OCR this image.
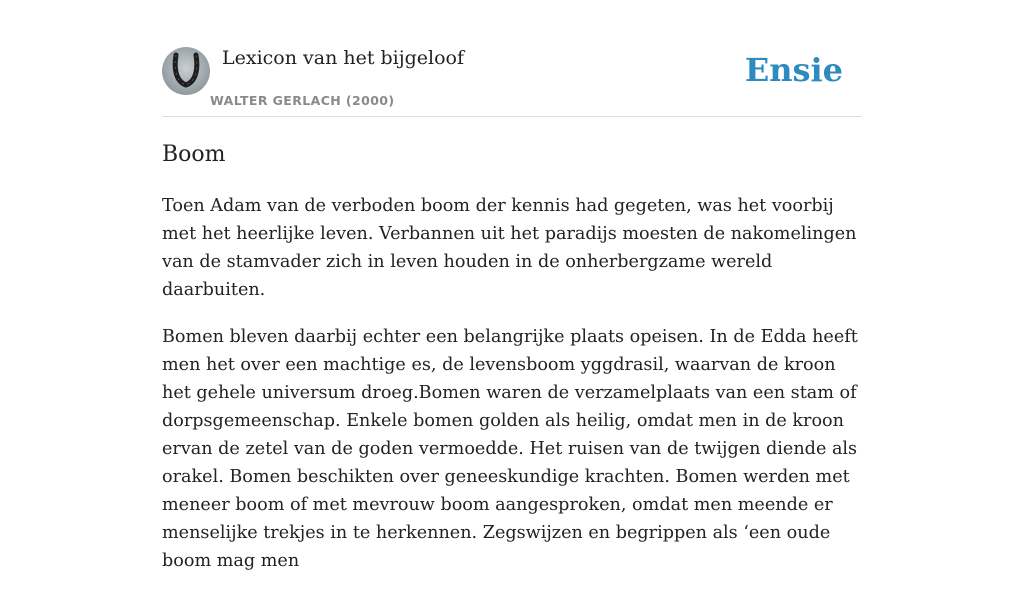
Lexicon van het bijgeloof
WALTER GERLACH (2000)
Ensie
Boom

Toen Adam van de verboden boom der kennis had gegeten, was het voorbij met het heerlijke leven. Verbannen uit het paradijs moesten de nakomelingen van de stamvader zich in leven houden in de onherbergzame wereld daarbuiten.

Bomen bleven daarbij echter een belangrijke plaats opeisen. In de Edda heeft men het over een machtige es, de levensboom yggdrasil, waarvan de kroon het gehele universum droeg.Bomen waren de verzamelplaats van een stam of dorpsgemeenschap. Enkele bomen golden als heilig, omdat men in de kroon ervan de zetel van de goden vermoedde. Het ruisen van de twijgen diende als orakel. Bomen beschikten over geneeskundige krachten. Bomen werden met meneer boom of met mevrouw boom aangesproken, omdat men meende er menselijke trekjes in te herkennen. Zegswijzen en begrippen als ‘een oude boom mag men
